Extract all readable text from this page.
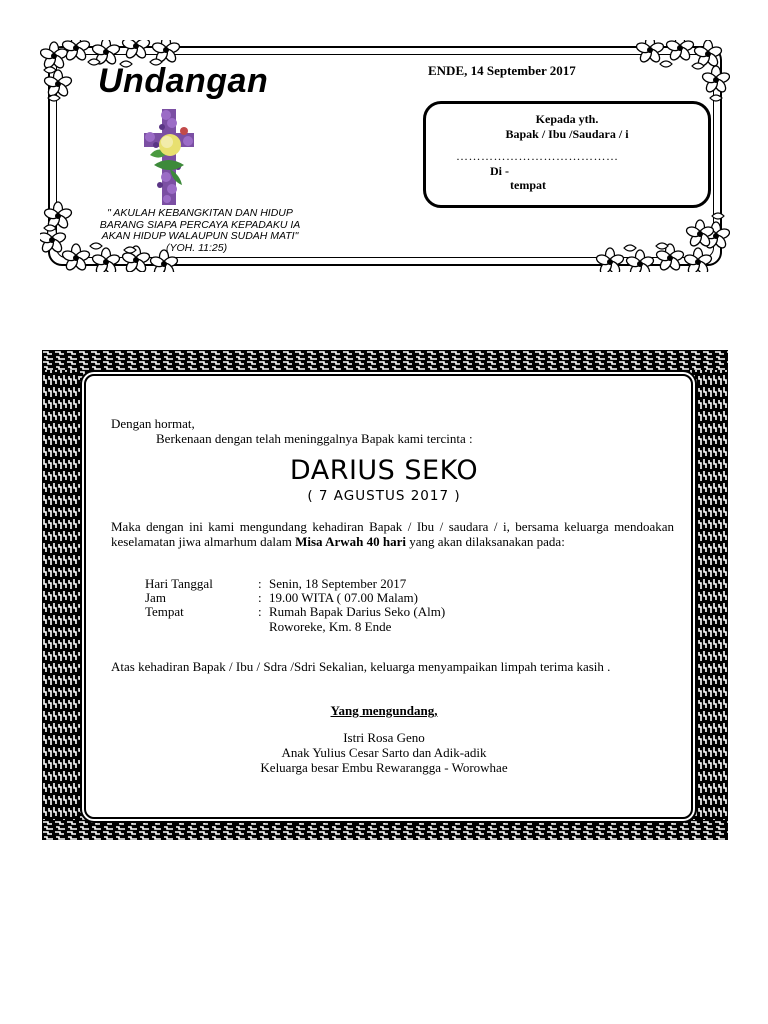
Undangan	ENDE, 14 September 2017
Kepada yth.
Bapak / Ibu /Saudara / i
…………………………………
Di -
tempat
" AKULAH KEBANGKITAN DAN HIDUP
BARANG SIAPA PERCAYA KEPADAKU IA
AKAN HIDUP WALAUPUN SUDAH MATI"
(YOH. 11:25)
Dengan hormat,
Berkenaan dengan telah meninggalnya Bapak kami tercinta :
DARIUS SEKO
( 7 AGUSTUS 2017 )
Maka dengan ini kami mengundang kehadiran Bapak / Ibu / saudara / i, bersama keluarga mendoakan keselamatan jiwa almarhum dalam Misa Arwah 40 hari yang akan dilaksanakan pada:
Hari Tanggal	: Senin, 18 September 2017
Jam	: 19.00 WITA ( 07.00 Malam)
Tempat	: Rumah Bapak Darius Seko (Alm)
Roworeke, Km. 8 Ende
Atas kehadiran Bapak / Ibu / Sdra /Sdri Sekalian, keluarga menyampaikan limpah terima kasih .
Yang mengundang,
Istri Rosa Geno
Anak Yulius Cesar Sarto dan Adik-adik
Keluarga besar Embu Rewarangga - Worowhae
